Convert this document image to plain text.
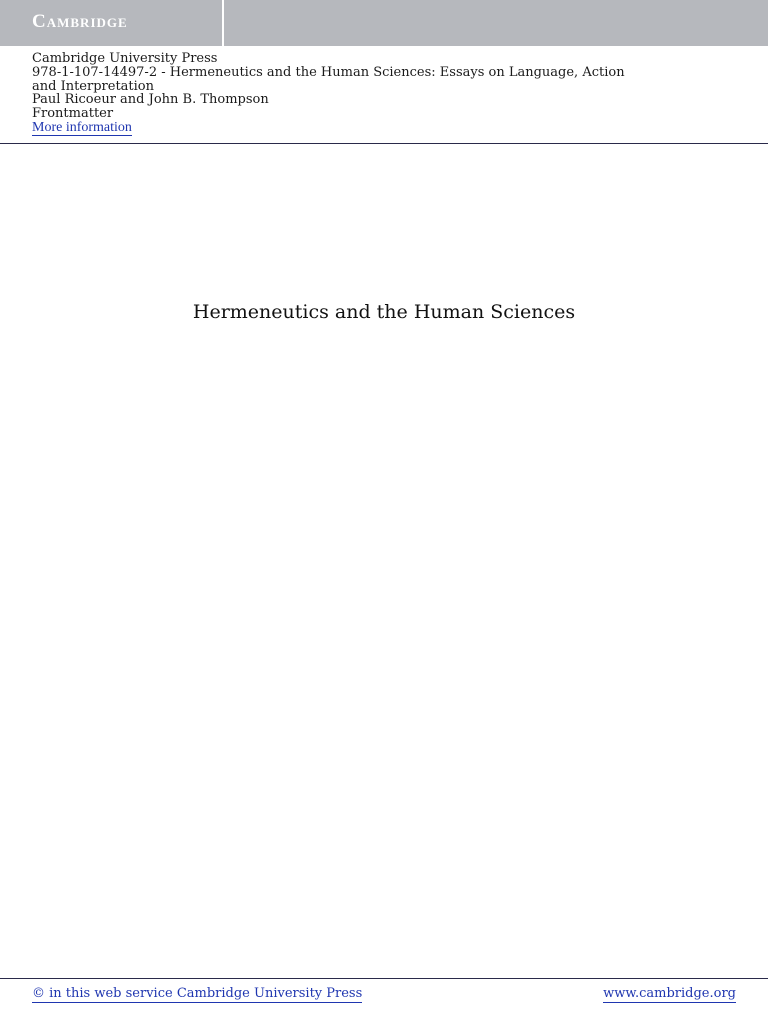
Cambridge
Cambridge University Press
978-1-107-14497-2 - Hermeneutics and the Human Sciences: Essays on Language, Action
and Interpretation
Paul Ricoeur and John B. Thompson
Frontmatter
More information
Hermeneutics and the Human Sciences
© in this web service Cambridge University Press	www.cambridge.org
